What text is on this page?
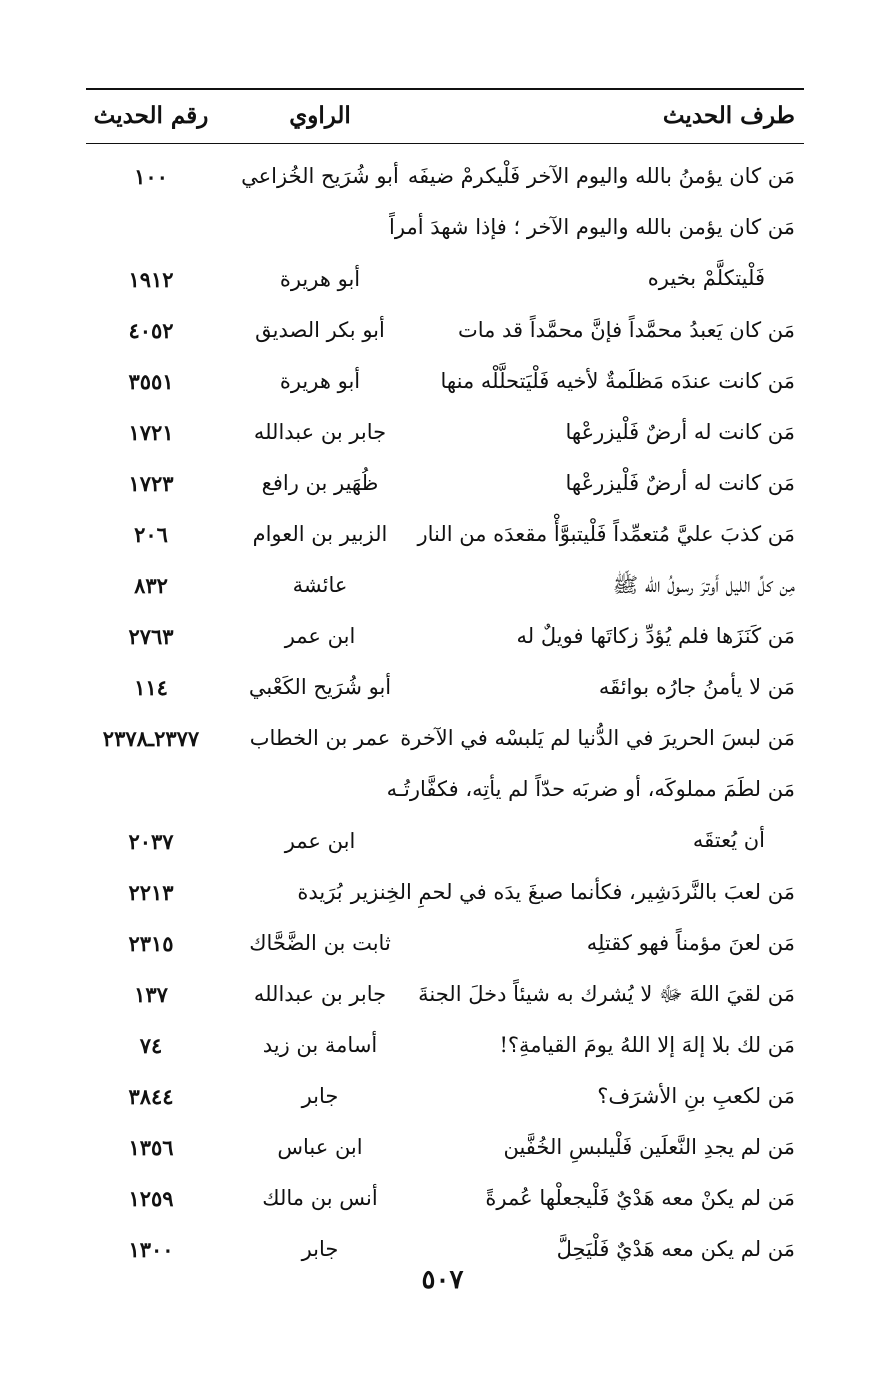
طرف الحديث
الراوي
رقم الحديث
مَن كان يؤمنُ بالله واليوم الآخر فَلْيكرمْ ضيفَه
أبو شُرَيح الخُزاعي
١٠٠
مَن كان يؤمن بالله واليوم الآخر ؛ فإذا شهدَ أمراً
فَلْيتكلَّمْ بخيره
أبو هريرة
١٩١٢
مَن كان يَعبدُ محمَّداً فإنَّ محمَّداً قد مات
أبو بكر الصديق
٤٠٥٢
مَن كانت عندَه مَظلَمةٌ لأخيه فَلْيَتحلَّلْه منها
أبو هريرة
٣٥٥١
مَن كانت له أرضٌ فَلْيزرعْها
جابر بن عبدالله
١٧٢١
مَن كانت له أرضٌ فَلْيزرعْها
ظُهَير بن رافع
١٧٢٣
مَن كذبَ عليَّ مُتعمِّداً فَلْيتبوَّأْ مقعدَه من النار
الزبير بن العوام
٢٠٦
مِن كلِّ الليل أَوترَ رسولُ الله ﷺ
عائشة
٨٣٢
مَن كَنَزَها فلم يُؤدِّ زكاتَها فويلٌ له
ابن عمر
٢٧٦٣
مَن لا يأمنُ جارُه بوائقَه
أبو شُرَيح الكَعْبي
١١٤
مَن لبسَ الحريرَ في الدُّنيا لم يَلبسْه في الآخرة
عمر بن الخطاب
٢٣٧٧ـ٢٣٧٨
مَن لطَمَ مملوكَه، أو ضربَه حدّاً لم يأتِه، فكفَّارتُـه
أن يُعتقَه
ابن عمر
٢٠٣٧
مَن لعبَ بالنَّردَشِير، فكأنما صبغَ يدَه في لحمِ الخِنزير
بُرَيدة
٢٢١٣
مَن لعنَ مؤمناً فهو كقتلِه
ثابت بن الضَّحَّاك
٢٣١٥
مَن لقيَ اللهَ ﷻ لا يُشرك به شيئاً دخلَ الجنةَ
جابر بن عبدالله
١٣٧
مَن لك بلا إلهَ إلا اللهُ يومَ القيامةِ؟!
أسامة بن زيد
٧٤
مَن لكعبِ بنِ الأشرَف؟
جابر
٣٨٤٤
مَن لم يجدِ النَّعلَين فَلْيلبسِ الخُفَّين
ابن عباس
١٣٥٦
مَن لم يكنْ معه هَدْيٌ فَلْيجعلْها عُمرةً
أنس بن مالك
١٢٥٩
مَن لم يكن معه هَدْيٌ فَلْيَحِلَّ
جابر
١٣٠٠
٥٠٧
